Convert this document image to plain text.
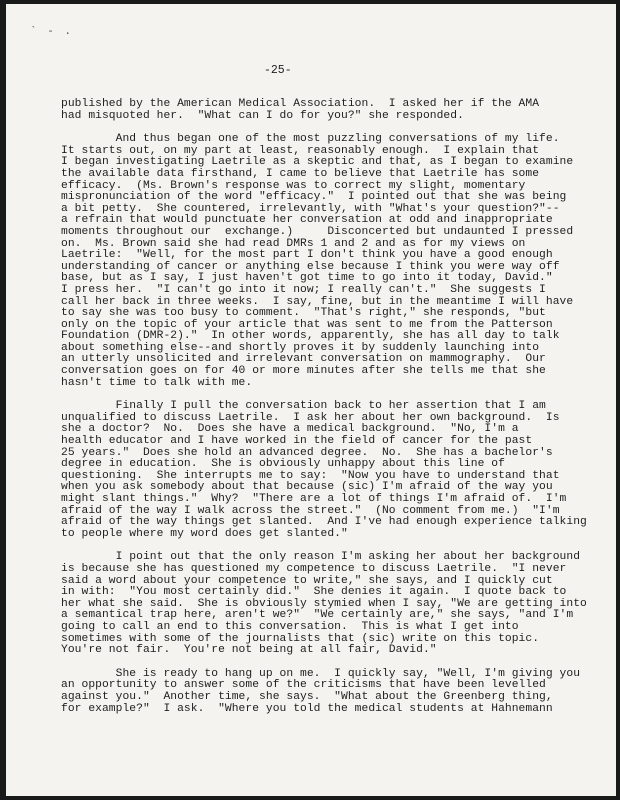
` - .
-25-
published by the American Medical Association.  I asked her if the AMA
had misquoted her.  "What can I do for you?" she responded.
And thus began one of the most puzzling conversations of my life.
It starts out, on my part at least, reasonably enough.  I explain that
I began investigating Laetrile as a skeptic and that, as I began to examine
the available data firsthand, I came to believe that Laetrile has some
efficacy.  (Ms. Brown's response was to correct my slight, momentary
mispronunciation of the word "efficacy."  I pointed out that she was being
a bit petty.  She countered, irrelevantly, with "What's your question?"--
a refrain that would punctuate her conversation at odd and inappropriate
moments throughout our  exchange.)     Disconcerted but undaunted I pressed
on.  Ms. Brown said she had read DMRs 1 and 2 and as for my views on
Laetrile:  "Well, for the most part I don't think you have a good enough
understanding of cancer or anything else because I think you were way off
base, but as I say, I just haven't got time to go into it today, David."
I press her.  "I can't go into it now; I really can't."  She suggests I
call her back in three weeks.  I say, fine, but in the meantime I will have
to say she was too busy to comment.  "That's right," she responds, "but
only on the topic of your article that was sent to me from the Patterson
Foundation (DMR-2)."  In other words, apparently, she has all day to talk
about something else--and shortly proves it by suddenly launching into
an utterly unsolicited and irrelevant conversation on mammography.  Our
conversation goes on for 40 or more minutes after she tells me that she
hasn't time to talk with me.
Finally I pull the conversation back to her assertion that I am
unqualified to discuss Laetrile.  I ask her about her own background.  Is
she a doctor?  No.  Does she have a medical background.  "No, I'm a
health educator and I have worked in the field of cancer for the past
25 years."  Does she hold an advanced degree.  No.  She has a bachelor's
degree in education.  She is obviously unhappy about this line of
questioning.  She interrupts me to say:  "Now you have to understand that
when you ask somebody about that because (sic) I'm afraid of the way you
might slant things."  Why?  "There are a lot of things I'm afraid of.  I'm
afraid of the way I walk across the street."  (No comment from me.)  "I'm
afraid of the way things get slanted.  And I've had enough experience talking
to people where my word does get slanted."
I point out that the only reason I'm asking her about her background
is because she has questioned my competence to discuss Laetrile.  "I never
said a word about your competence to write," she says, and I quickly cut
in with:  "You most certainly did."  She denies it again.  I quote back to
her what she said.  She is obviously stymied when I say, "We are getting into
a semantical trap here, aren't we?"  "We certainly are," she says, "and I'm
going to call an end to this conversation.  This is what I get into
sometimes with some of the journalists that (sic) write on this topic.
You're not fair.  You're not being at all fair, David."
She is ready to hang up on me.  I quickly say, "Well, I'm giving you
an opportunity to answer some of the criticisms that have been levelled
against you."  Another time, she says.  "What about the Greenberg thing,
for example?"  I ask.  "Where you told the medical students at Hahnemann
